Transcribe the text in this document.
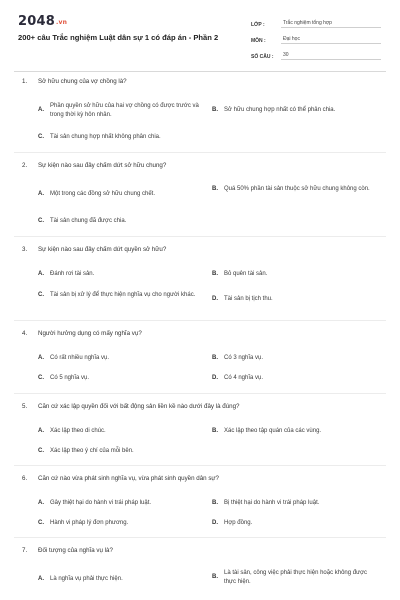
2048.vn
200+ câu Trắc nghiệm Luật dân sự 1 có đáp án - Phần 2
LỚP :	Trắc nghiệm tổng hợp
MÔN :	Đại học
SỐ CÂU :	30
1.	Sở hữu chung của vợ chồng là?
A.
Phần quyền sở hữu của hai vợ chồng có được trước và trong thời kỳ hôn nhân.
B.	Sở hữu chung hợp nhất có thể phân chia.
C.	Tài sản chung hợp nhất không phân chia.
2.	Sự kiện nào sau đây chấm dứt sở hữu chung?
A.	Một trong các đồng sở hữu chung chết.
B.	Quá 50% phần tài sản thuộc sở hữu chung không còn.
C.	Tài sản chung đã được chia.
3.	Sự kiện nào sau đây chấm dứt quyền sở hữu?
A.	Đánh rơi tài sản.	B.	Bỏ quên tài sản.
C.	Tài sản bị xử lý để thực hiện nghĩa vụ cho người khác.
D.	Tài sản bị tịch thu.
4.	Người hưởng dụng có mấy nghĩa vụ?
A.	Có rất nhiều nghĩa vụ.	B.	Có 3 nghĩa vụ.
C.	Có 5 nghĩa vụ.	D.	Có 4 nghĩa vụ.
5.	Căn cứ xác lập quyền đối với bất động sản liền kề nào dưới đây là đúng?
A.	Xác lập theo di chúc.	B.	Xác lập theo tập quán của các vùng.
C.	Xác lập theo ý chí của mỗi bên.
6.	Căn cứ nào vừa phát sinh nghĩa vụ, vừa phát sinh quyền dân sự?
A.	Gây thiệt hại do hành vi trái pháp luật.	B.	Bị thiệt hại do hành vi trái pháp luật.
C.	Hành vi pháp lý đơn phương.	D.	Hợp đồng.
7.	Đối tượng của nghĩa vụ là?
A.	Là nghĩa vụ phải thực hiện.	B.
Là tài sản, công việc phải thực hiện hoặc không được thực hiện.
